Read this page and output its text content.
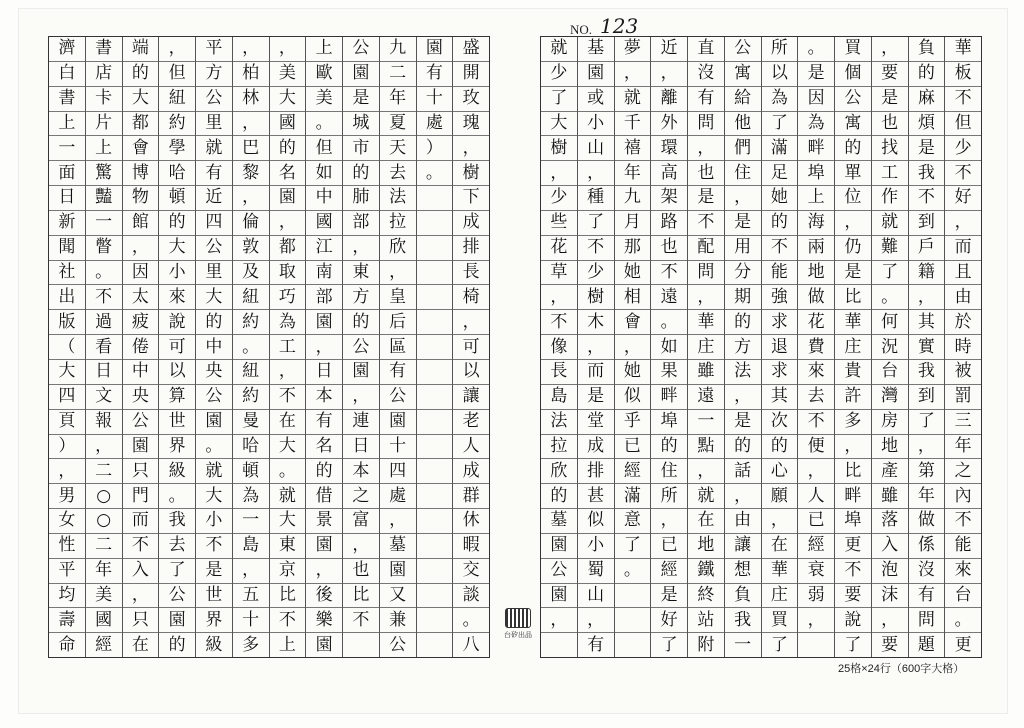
NO. 123
華
板
不
但
少
不
好
，
而
且
由
於
時
被
罰
三
年
之
內
不
能
來
台
。
更
負
的
麻
煩
是
我
不
到
戶
籍
，
其
實
我
到
了
，
第
年
做
係
沒
有
問
題
，
要
是
也
找
工
作
就
難
了
。
何
況
台
灣
房
地
產
雖
落
入
泡
沫
，
要
買
個
公
寓
的
單
位
，
仍
是
比
華
庄
貴
許
多
，
比
畔
埠
更
不
要
說
了
。
是
因
為
畔
埠
上
海
兩
地
做
花
費
來
去
不
便
，
人
已
經
衰
弱
，
所
以
為
了
滿
足
她
的
不
能
強
求
退
求
其
次
的
心
願
，
在
華
庄
買
了
公
寓
給
他
們
住
，
是
用
分
期
的
方
法
，
是
的
話
，
由
讓
想
負
我
一
直
沒
有
問
，
也
是
不
配
問
，
華
庄
雖
遠
一
點
，
就
在
地
鐵
終
站
附
近
，
離
外
環
高
架
路
也
不
遠
。
如
果
畔
埠
的
住
所
，
已
經
是
好
了
夢
，
就
千
禧
年
九
月
那
她
相
會
，
她
似
乎
已
經
滿
意
了
。
基
園
或
小
山
，
種
了
不
少
樹
木
，
而
是
堂
成
排
甚
似
小
蜀
山
，
有
就
少
了
大
樹
，
少
些
花
草
，
不
像
長
島
法
拉
欣
的
墓
園
公
園
，
盛
開
玫
瑰
，
樹
下
成
排
長
椅
，
可
以
讓
老
人
成
群
休
暇
交
談
。
八
園
有
十
處
）
。
九
二
年
夏
天
去
法
拉
欣
，
皇
后
區
有
公
園
十
四
處
，
墓
園
又
兼
公
公
園
是
城
市
的
肺
部
，
東
方
的
公
園
，
連
日
本
之
富
，
也
比
不
上
歐
美
。
但
如
中
國
江
南
部
園
，
日
本
有
名
的
借
景
園
，
後
樂
園
，
美
大
國
的
名
園
，
都
取
巧
為
工
，
不
在
大
。
就
大
東
京
比
不
上
，
柏
林
，
巴
黎
，
倫
敦
及
紐
約
。
紐
約
曼
哈
頓
為
一
島
，
五
十
多
平
方
公
里
就
有
近
四
公
里
大
的
中
央
公
園
。
就
大
小
不
是
世
界
級
，
但
紐
約
學
哈
頓
的
大
小
來
說
可
以
算
世
界
級
。
我
去
了
公
園
的
端
的
大
都
會
博
物
館
，
因
太
疲
倦
中
央
公
園
只
門
而
不
入
，
只
在
書
店
卡
片
上
驚
豔
一
瞥
。
不
過
看
日
文
報
，
二
○
○
二
年
美
國
經
濟
白
書
上
一
面
日
新
聞
社
出
版
（
大
四
頁
）
，
男
女
性
平
均
壽
命	台矽出品
25格×24行（600字大格）
